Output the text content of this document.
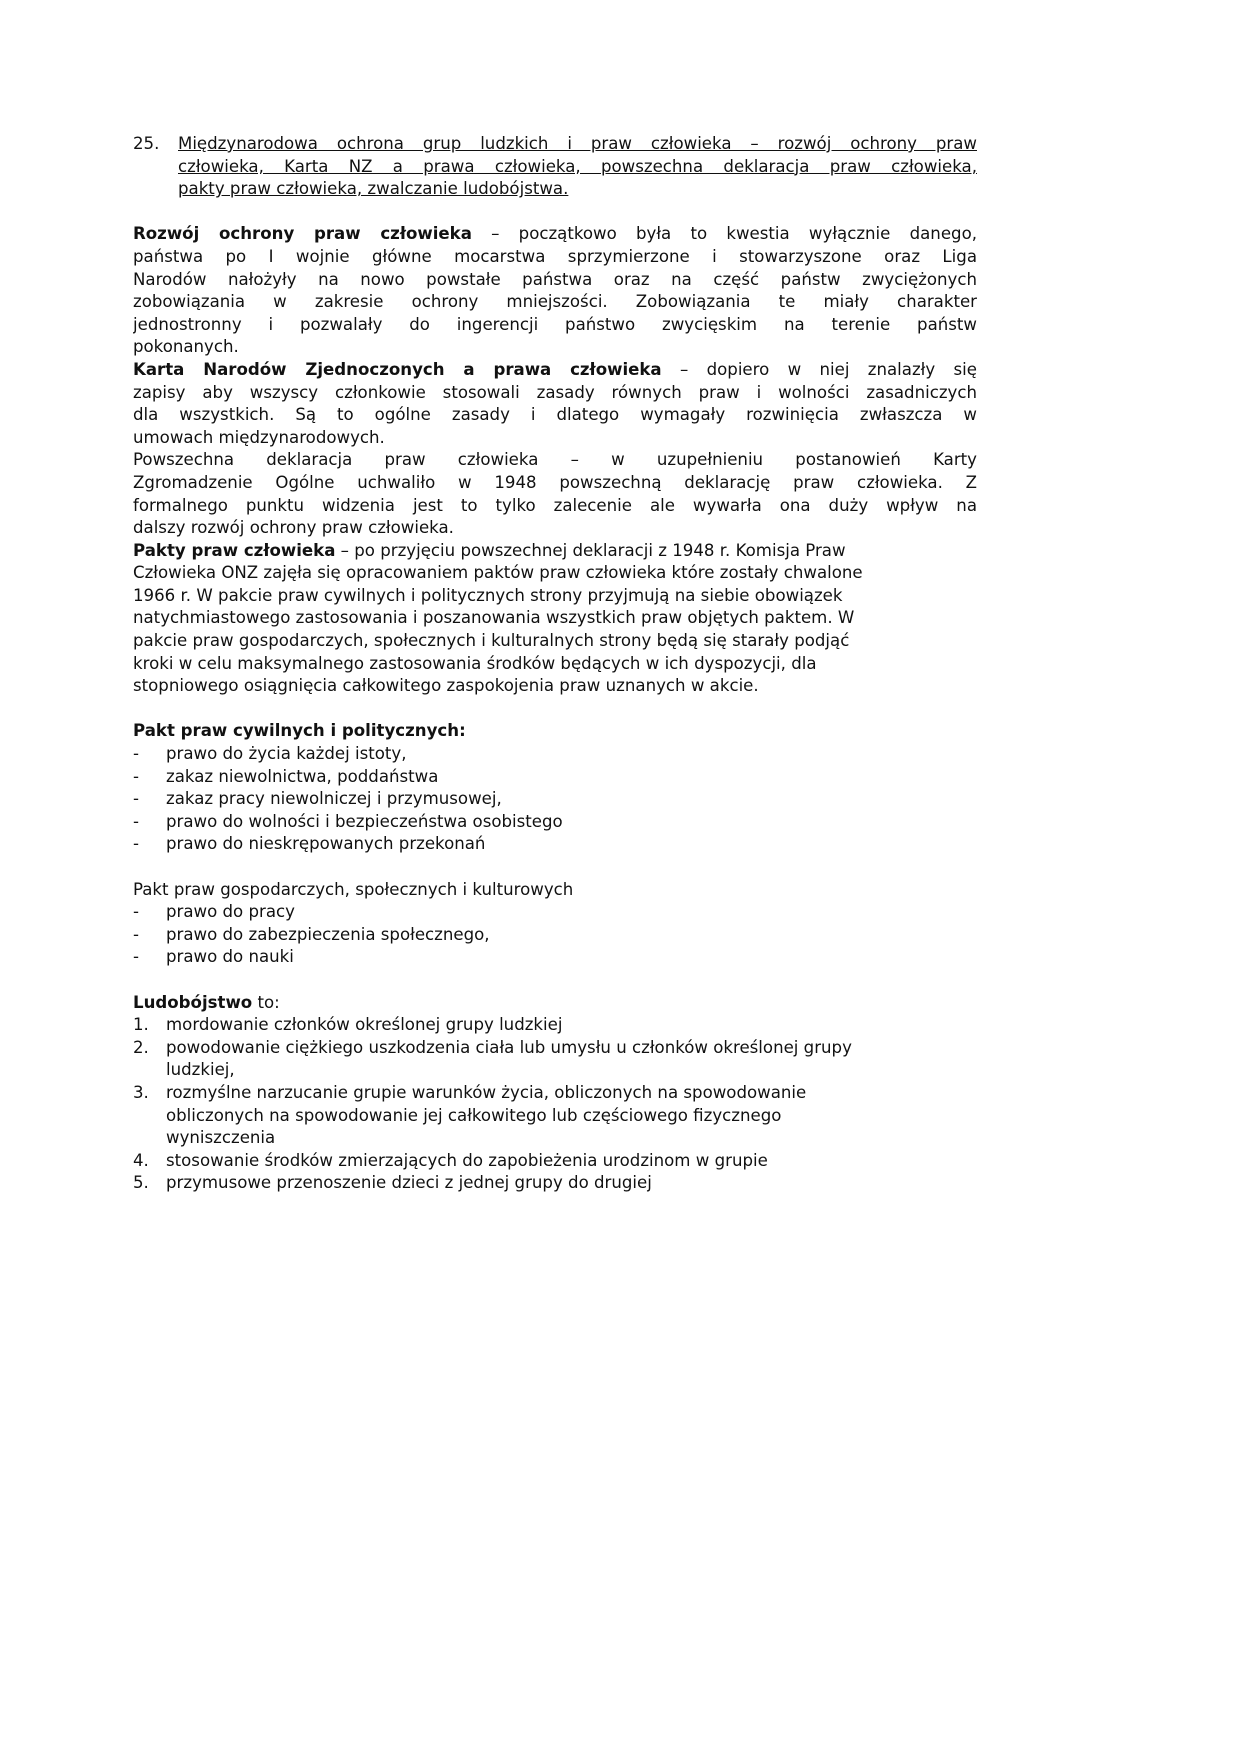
25. Międzynarodowa ochrona grup ludzkich i praw człowieka – rozwój ochrony praw
człowieka, Karta NZ a prawa człowieka, powszechna deklaracja praw człowieka,
pakty praw człowieka, zwalczanie ludobójstwa.

Rozwój ochrony praw człowieka – początkowo była to kwestia wyłącznie danego,
państwa po I wojnie główne mocarstwa sprzymierzone i stowarzyszone oraz Liga
Narodów nałożyły na nowo powstałe państwa oraz na część państw zwyciężonych
zobowiązania w zakresie ochrony mniejszości. Zobowiązania te miały charakter
jednostronny i pozwalały do ingerencji państwo zwycięskim na terenie państw
pokonanych.
Karta Narodów Zjednoczonych a prawa człowieka – dopiero w niej znalazły się
zapisy aby wszyscy członkowie stosowali zasady równych praw i wolności zasadniczych
dla wszystkich. Są to ogólne zasady i dlatego wymagały rozwinięcia zwłaszcza w
umowach międzynarodowych.
Powszechna deklaracja praw człowieka – w uzupełnieniu postanowień Karty
Zgromadzenie Ogólne uchwaliło w 1948 powszechną deklarację praw człowieka. Z
formalnego punktu widzenia jest to tylko zalecenie ale wywarła ona duży wpływ na
dalszy rozwój ochrony praw człowieka.
Pakty praw człowieka – po przyjęciu powszechnej deklaracji z 1948 r. Komisja Praw
Człowieka ONZ zajęła się opracowaniem paktów praw człowieka które zostały chwalone
1966 r. W pakcie praw cywilnych i politycznych strony przyjmują na siebie obowiązek
natychmiastowego zastosowania i poszanowania wszystkich praw objętych paktem. W
pakcie praw gospodarczych, społecznych i kulturalnych strony będą się starały podjąć
kroki w celu maksymalnego zastosowania środków będących w ich dyspozycji, dla
stopniowego osiągnięcia całkowitego zaspokojenia praw uznanych w akcie.

Pakt praw cywilnych i politycznych:
- prawo do życia każdej istoty,
- zakaz niewolnictwa, poddaństwa
- zakaz pracy niewolniczej i przymusowej,
- prawo do wolności i bezpieczeństwa osobistego
- prawo do nieskrępowanych przekonań

Pakt praw gospodarczych, społecznych i kulturowych
- prawo do pracy
- prawo do zabezpieczenia społecznego,
- prawo do nauki

Ludobójstwo to:
1. mordowanie członków określonej grupy ludzkiej
2. powodowanie ciężkiego uszkodzenia ciała lub umysłu u członków określonej grupy
ludzkiej,
3. rozmyślne narzucanie grupie warunków życia, obliczonych na spowodowanie
obliczonych na spowodowanie jej całkowitego lub częściowego fizycznego
wyniszczenia
4. stosowanie środków zmierzających do zapobieżenia urodzinom w grupie
5. przymusowe przenoszenie dzieci z jednej grupy do drugiej
